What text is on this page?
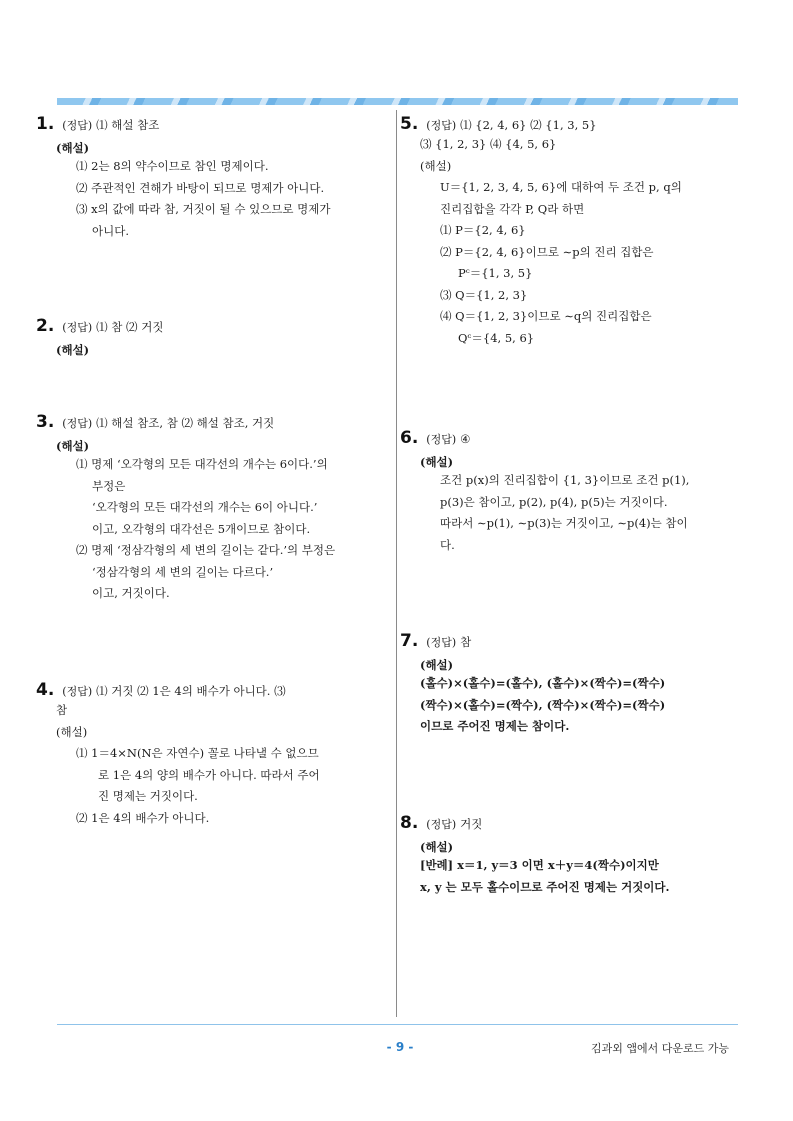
1. (정답) ⑴ 해설 참조
(해설)

⑴ 2는 8의 약수이므로 참인 명제이다.

⑵ 주관적인 견해가 바탕이 되므로 명제가 아니다.

⑶ x의 값에 따라 참, 거짓이 될 수 있으므로 명제가

아니다.

2. (정답) ⑴ 참 ⑵ 거짓
(해설)
3. (정답) ⑴ 해설 참조, 참 ⑵ 해설 참조, 거짓
(해설)

⑴ 명제 ‘오각형의 모든 대각선의 개수는 6이다.’의

부정은

‘오각형의 모든 대각선의 개수는 6이 아니다.’

이고, 오각형의 대각선은 5개이므로 참이다.

⑵ 명제 ‘정삼각형의 세 변의 길이는 같다.’의 부정은

‘정삼각형의 세 변의 길이는 다르다.’

이고, 거짓이다.

4. (정답) ⑴ 거짓 ⑵ 1은 4의 배수가 아니다. ⑶

참

(해설)

⑴ 1＝4×N(N은 자연수) 꼴로 나타낼 수 없으므

로 1은 4의 양의 배수가 아니다. 따라서 주어

진 명제는 거짓이다.

⑵ 1은 4의 배수가 아니다.

5. (정답) ⑴ {2, 4, 6} ⑵ {1, 3, 5}

⑶ {1, 2, 3} ⑷ {4, 5, 6}

(해설)

U＝{1, 2, 3, 4, 5, 6}에 대하여 두 조건 p, q의

진리집합을 각각 P, Q라 하면

⑴ P＝{2, 4, 6}

⑵ P＝{2, 4, 6}이므로 ∼p의 진리 집합은

Pᶜ＝{1, 3, 5}

⑶ Q＝{1, 2, 3}

⑷ Q＝{1, 2, 3}이므로 ∼q의 진리집합은

Qᶜ＝{4, 5, 6}

6. (정답) ④
(해설)

조건 p(x)의 진리집합이 {1, 3}이므로 조건 p(1),

p(3)은 참이고, p(2), p(4), p(5)는 거짓이다.

따라서 ∼p(1), ∼p(3)는 거짓이고, ∼p(4)는 참이

다.

7. (정답) 참
(해설)

(홀수)×(홀수)=(홀수), (홀수)×(짝수)=(짝수)

(짝수)×(홀수)=(짝수), (짝수)×(짝수)=(짝수)

이므로 주어진 명제는 참이다.

8. (정답) 거짓
(해설)

[반례] x＝1, y＝3 이면 x＋y＝4(짝수)이지만

x, y 는 모두 홀수이므로 주어진 명제는 거짓이다.

- 9 -	김과외 앱에서 다운로드 가능
